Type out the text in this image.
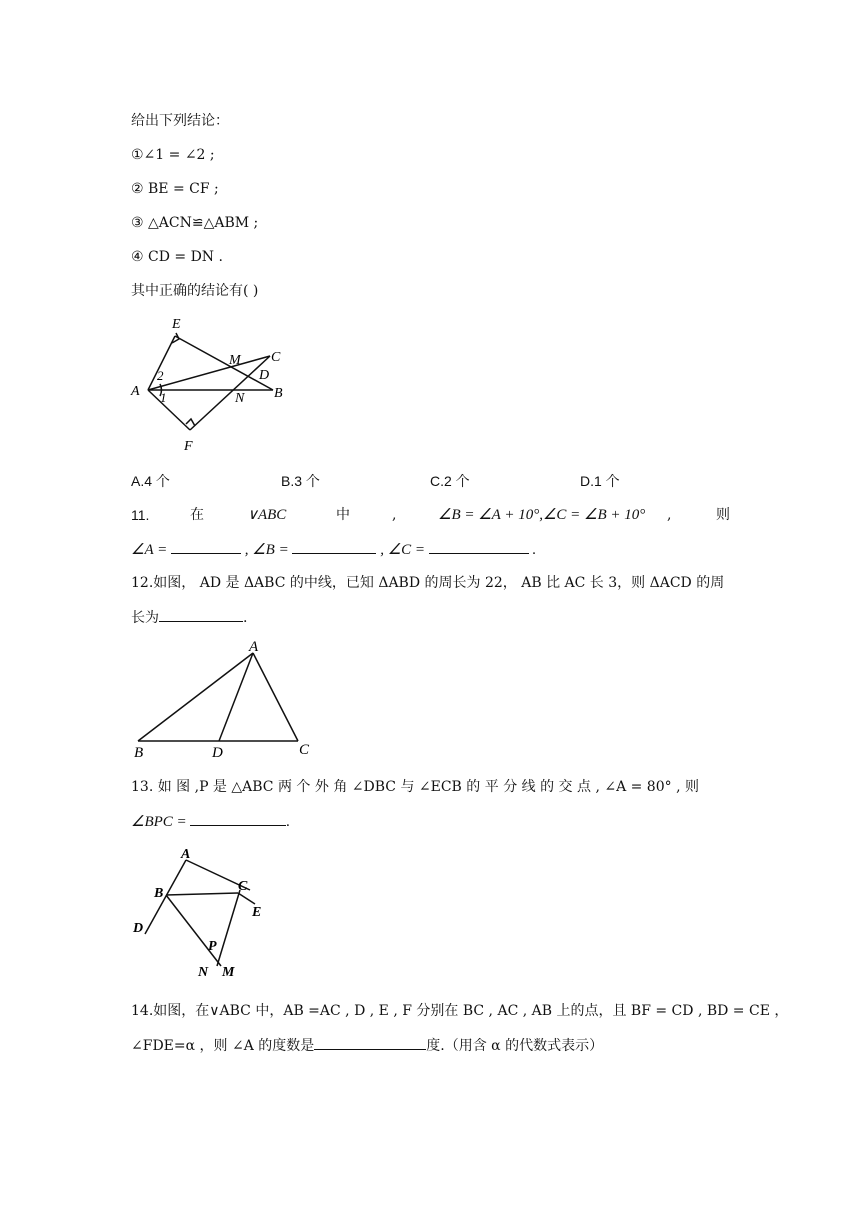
给出下列结论：
①∠1 = ∠2 ;
② BE = CF ;
③ △ACN≌△ABM ;
④ CD = DN .
其中正确的结论有( )
E
M C
2	D
A 1	N B
F
A.4 个	B.3 个	C.2 个	D.1 个
11.	在	∨ABC	中	,	∠B = ∠A + 10°,∠C = ∠B + 10° ,	则
∠A =	, ∠B =	, ∠C =	.
12.如图， AD 是 ΔABC 的中线，已知 ΔABD 的周长为 22， AB 比 AC 长 3，则 ΔACD 的周
长为	.
A
B	D	C
13. 如 图 ,P 是 △ABC 两 个 外 角 ∠DBC 与 ∠ECB 的 平 分 线 的 交 点 , ∠A = 80° , 则
∠BPC =	.
A
B	C
E
D
P
N M
14.如图，在∨ABC 中，AB =AC , D , E , F 分别在 BC , AC , AB 上的点，且 BF = CD , BD = CE ，
∠FDE=α ，则 ∠A 的度数是	度.（用含 α 的代数式表示）
